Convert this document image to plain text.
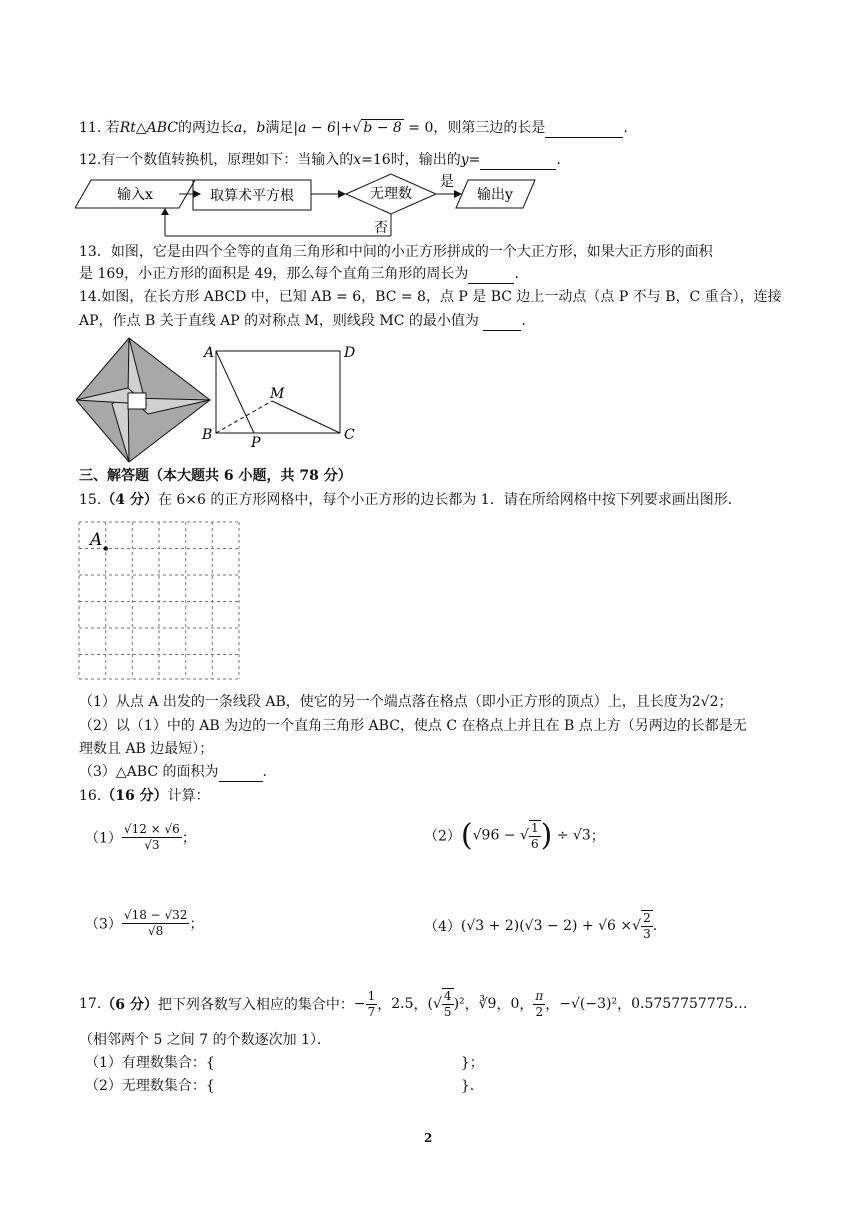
11. 若Rt△ABC的两边长a，b满足|a − 6|+√ b − 8 = 0，则第三边的长是	.
12.有一个数值转换机，原理如下：当输入的x=16时，输出的y=	.
输入x	取算术平方根	无理数
是
输出y
否
13．如图，它是由四个全等的直角三角形和中间的小正方形拼成的一个大正方形，如果大正方形的面积
是 169，小正方形的面积是 49，那么每个直角三角形的周长为	.
14.如图，在长方形 ABCD 中，已知 AB = 6，BC = 8，点 P 是 BC 边上一动点（点 P 不与 B，C 重合），连接
AP，作点 B 关于直线 AP 的对称点 M，则线段 MC 的最小值为	.
A	D
B	C
M
P
三、解答题（本大题共 6 小题，共 78 分）
15.（4 分）在 6×6 的正方形网格中，每个小正方形的边长都为 1．请在所给网格中按下列要求画出图形．
A
（1）从点 A 出发的一条线段 AB，使它的另一个端点落在格点（即小正方形的顶点）上，且长度为2√2；
（2）以（1）中的 AB 为边的一个直角三角形 ABC，使点 C 在格点上并且在 B 点上方（另两边的长都是无
理数且 AB 边最短）；
（3）△ABC 的面积为	.
16.（16 分）计算：
$(1) \frac{√12 \times √6}{√3}$ ；	（2）(√96 − √ $\frac{1}{6}$ ) ÷ √3；
$(3) \frac{√18 - √32}{√8}$ ；	（4）(√3 + 2)(√3 − 2) + √6 ×√ $\frac{2}{3}$ .
17.（6 分）把下列各数写入相应的集合中：− $\frac{1}{7}$ ，2.5，(√ $\frac{4}{5} )^2$，∛9，0， $\frac{\pi}{2}$ ，−√(−3)²，0.5757757775…
（相邻两个 5 之间 7 的个数逐次加 1）．
（1）有理数集合：{	}；
（2）无理数集合：{	}.
2
